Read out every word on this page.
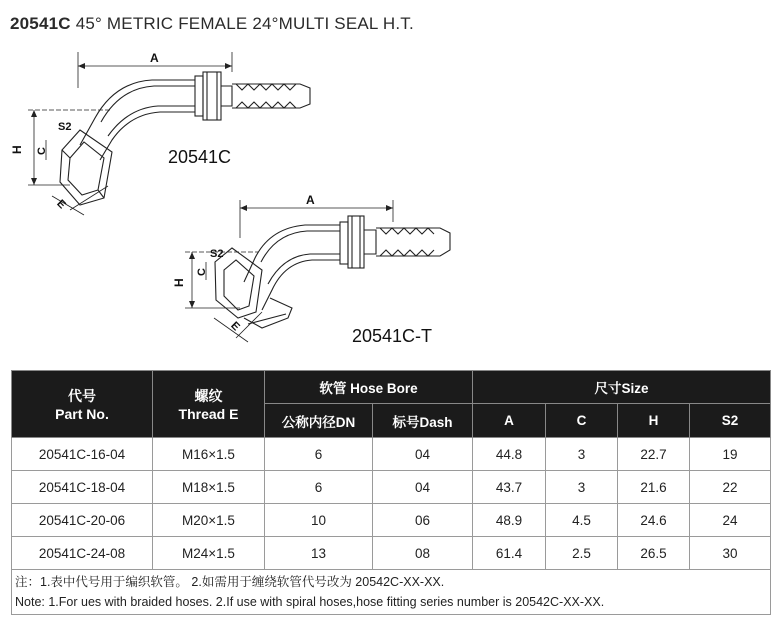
20541C 45° METRIC FEMALE 24°MULTI SEAL H.T.
A
H C
S2
E
20541C
A
H
C
S2
E	20541C-T
代号
Part No.	螺纹
Thread E	软管 Hose Bore		尺寸Size			
		公称内径DN	标号Dash	A	C	H	S2
20541C-16-04	M16×1.5	6	04	44.8	3	22.7	19
20541C-18-04	M18×1.5	6	04	43.7	3	21.6	22
20541C-20-06	M20×1.5	10	06	48.9	4.5	24.6	24
20541C-24-08	M24×1.5	13	08	61.4	2.5	26.5	30

注：1.表中代号用于编织软管。 2.如需用于缠绕软管代号改为 20542C-XX-XX.
Note: 1.For ues with braided hoses. 2.If use with spiral hoses,hose fitting series number is 20542C-XX-XX.							
